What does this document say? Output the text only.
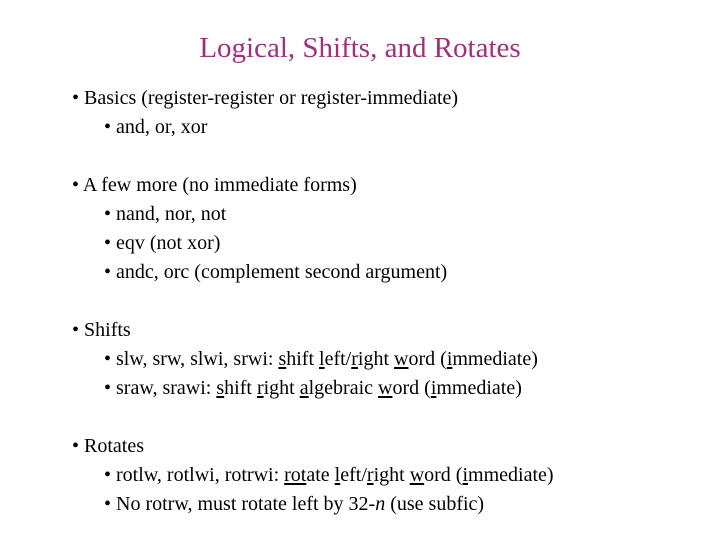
Logical, Shifts, and Rotates
• Basics (register-register or register-immediate)
• and, or, xor
• A few more (no immediate forms)
• nand, nor, not
• eqv (not xor)
• andc, orc (complement second argument)
• Shifts
• slw, srw, slwi, srwi: shift left/right word (immediate)
• sraw, srawi: shift right algebraic word (immediate)
• Rotates
• rotlw, rotlwi, rotrwi: rotate left/right word (immediate)
• No rotrw, must rotate left by 32-n (use subfic)
